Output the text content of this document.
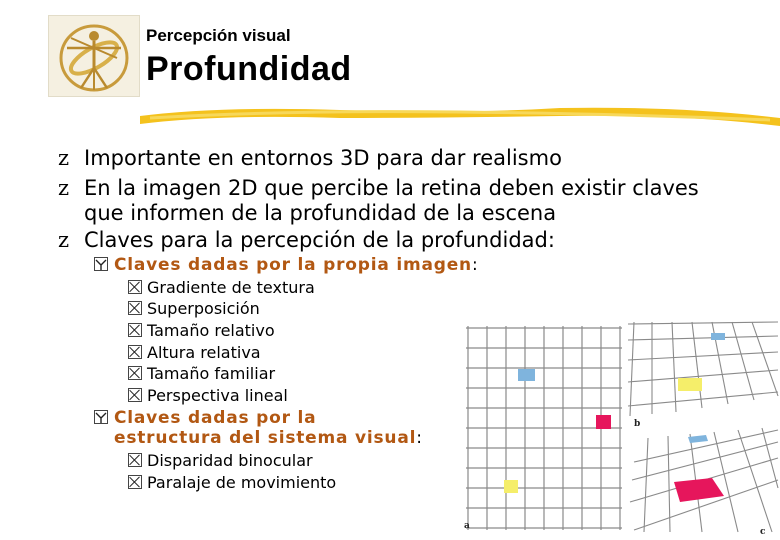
Percepción visual
Profundidad
z Importante en entornos 3D para dar realismo
z En la imagen 2D que percibe la retina deben existir claves que informen de la profundidad de la escena
z Claves para la percepción de la profundidad:
Claves dadas por la propia imagen:
Gradiente de textura
Superposición
Tamaño relativo
Altura relativa
Tamaño familiar
Perspectiva lineal
Claves dadas por la
estructura del sistema visual:
Disparidad binocular
Paralaje de movimiento
a
b
c
